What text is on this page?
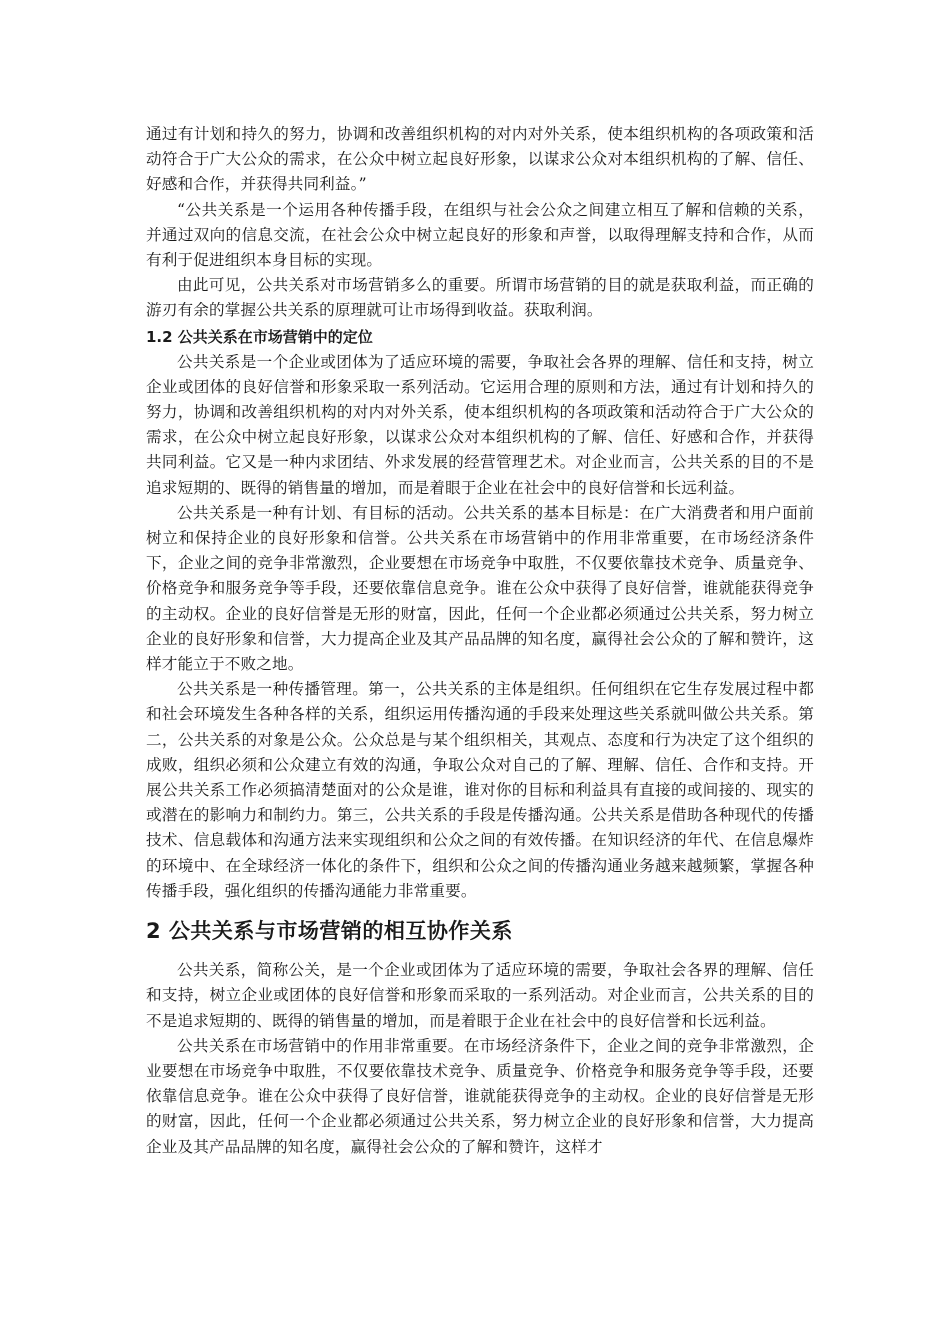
通过有计划和持久的努力，协调和改善组织机构的对内对外关系，使本组织机构的各项政策和活动符合于广大公众的需求，在公众中树立起良好形象，以谋求公众对本组织机构的了解、信任、好感和合作，并获得共同利益。”

“公共关系是一个运用各种传播手段，在组织与社会公众之间建立相互了解和信赖的关系，并通过双向的信息交流，在社会公众中树立起良好的形象和声誉，以取得理解支持和合作，从而有利于促进组织本身目标的实现。

由此可见，公共关系对市场营销多么的重要。所谓市场营销的目的就是获取利益，而正确的游刃有余的掌握公共关系的原理就可让市场得到收益。获取利润。

1.2 公共关系在市场营销中的定位

公共关系是一个企业或团体为了适应环境的需要，争取社会各界的理解、信任和支持，树立企业或团体的良好信誉和形象采取一系列活动。它运用合理的原则和方法，通过有计划和持久的努力，协调和改善组织机构的对内对外关系，使本组织机构的各项政策和活动符合于广大公众的需求，在公众中树立起良好形象，以谋求公众对本组织机构的了解、信任、好感和合作，并获得共同利益。它又是一种内求团结、外求发展的经营管理艺术。对企业而言，公共关系的目的不是追求短期的、既得的销售量的增加，而是着眼于企业在社会中的良好信誉和长远利益。

公共关系是一种有计划、有目标的活动。公共关系的基本目标是：在广大消费者和用户面前树立和保持企业的良好形象和信誉。公共关系在市场营销中的作用非常重要，在市场经济条件下，企业之间的竞争非常激烈，企业要想在市场竞争中取胜，不仅要依靠技术竞争、质量竞争、价格竞争和服务竞争等手段，还要依靠信息竞争。谁在公众中获得了良好信誉，谁就能获得竞争的主动权。企业的良好信誉是无形的财富，因此，任何一个企业都必须通过公共关系，努力树立企业的良好形象和信誉，大力提高企业及其产品品牌的知名度，赢得社会公众的了解和赞许，这样才能立于不败之地。

公共关系是一种传播管理。第一，公共关系的主体是组织。任何组织在它生存发展过程中都和社会环境发生各种各样的关系，组织运用传播沟通的手段来处理这些关系就叫做公共关系。第二，公共关系的对象是公众。公众总是与某个组织相关，其观点、态度和行为决定了这个组织的成败，组织必须和公众建立有效的沟通，争取公众对自己的了解、理解、信任、合作和支持。开展公共关系工作必须搞清楚面对的公众是谁，谁对你的目标和利益具有直接的或间接的、现实的或潜在的影响力和制约力。第三，公共关系的手段是传播沟通。公共关系是借助各种现代的传播技术、信息载体和沟通方法来实现组织和公众之间的有效传播。在知识经济的年代、在信息爆炸的环境中、在全球经济一体化的条件下，组织和公众之间的传播沟通业务越来越频繁，掌握各种传播手段，强化组织的传播沟通能力非常重要。

2 公共关系与市场营销的相互协作关系

公共关系，简称公关，是一个企业或团体为了适应环境的需要，争取社会各界的理解、信任和支持，树立企业或团体的良好信誉和形象而采取的一系列活动。对企业而言，公共关系的目的不是追求短期的、既得的销售量的增加，而是着眼于企业在社会中的良好信誉和长远利益。

公共关系在市场营销中的作用非常重要。在市场经济条件下，企业之间的竞争非常激烈，企业要想在市场竞争中取胜，不仅要依靠技术竞争、质量竞争、价格竞争和服务竞争等手段，还要依靠信息竞争。谁在公众中获得了良好信誉，谁就能获得竞争的主动权。企业的良好信誉是无形的财富，因此，任何一个企业都必须通过公共关系，努力树立企业的良好形象和信誉，大力提高企业及其产品品牌的知名度，赢得社会公众的了解和赞许，这样才
